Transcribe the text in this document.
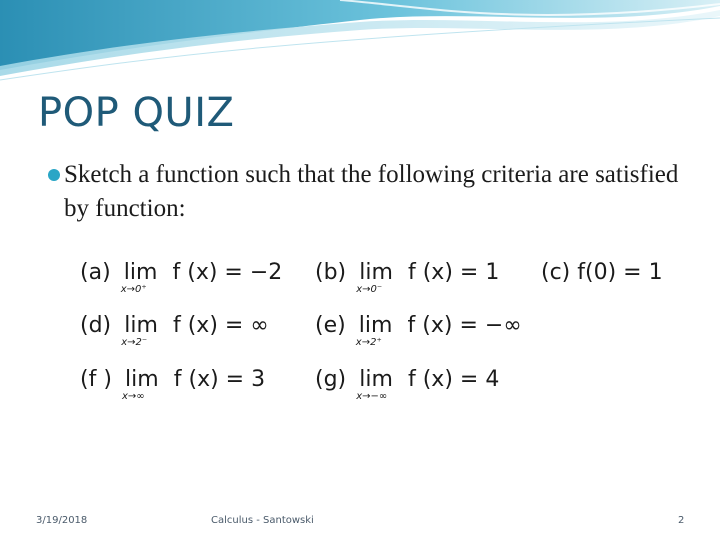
POP QUIZ
Sketch a function such that the following criteria are satisfied by function:
(a) lim
x→0⁺
f (x) = −2 (b) lim
x→0⁻
f (x) = 1 (c) f(0) = 1
(d) lim
x→2⁻
f (x) = ∞ (e) lim
x→2⁺
f (x) = −∞
(f ) lim
x→∞
f (x) = 3 (g) lim
x→−∞
f (x) = 4
3/19/2018	Calculus - Santowski	2
